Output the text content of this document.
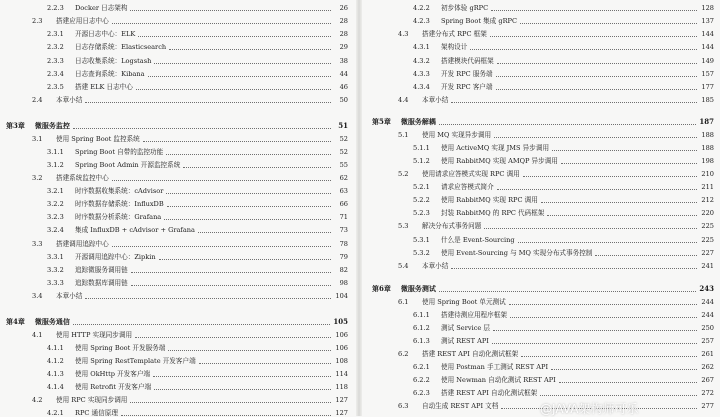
2.2.3 Docker 日志架构	26
2.3	搭建应用日志中心	28
2.3.1 开源日志中心：ELK	28
2.3.2 日志存储系统：Elasticsearch	29
2.3.3 日志收集系统：Logstash	38
2.3.4 日志查询系统：Kibana	44
2.3.5 搭建 ELK 日志中心	46
2.4	本章小结	50
第3章 微服务监控	51
3.1	使用 Spring Boot 监控系统	52
3.1.1 Spring Boot 自带的监控功能	52
3.1.2 Spring Boot Admin 开源监控系统	55
3.2	搭建系统监控中心	62
3.2.1 时序数据收集系统：cAdvisor	63
3.2.2 时序数据存储系统：InfluxDB	66
3.2.3 时序数据分析系统：Grafana	71
3.2.4 集成 InfluxDB + cAdvisor + Grafana	73
3.3	搭建调用追踪中心	78
3.3.1 开源调用追踪中心：Zipkin	79
3.3.2 追踪微服务调用链	82
3.3.3 追踪数据库调用链	98
3.4	本章小结	104
第4章 微服务通信	105
4.1	使用 HTTP 实现同步调用	106
4.1.1 使用 Spring Boot 开发服务端	106
4.1.2 使用 Spring RestTemplate 开发客户端	108
4.1.3 使用 OkHttp 开发客户端	114
4.1.4 使用 Retrofit 开发客户端	118
4.2	使用 RPC 实现同步调用	127
4.2.1 RPC 通信原理	127
4.2.2 初步体验 gRPC	128
4.2.3 Spring Boot 集成 gRPC	137
4.3	搭建分布式 RPC 框架	144
4.3.1 架构设计	144
4.3.2 搭建模块代码框架	149
4.3.3 开发 RPC 服务端	157
4.3.4 开发 RPC 客户端	177
4.4	本章小结	185
第5章 微服务解耦	187
5.1	使用 MQ 实现异步调用	188
5.1.1 使用 ActiveMQ 实现 JMS 异步调用	188
5.1.2 使用 RabbitMQ 实现 AMQP 异步调用	198
5.2	使用请求应答模式实现 RPC 调用	210
5.2.1 请求应答模式简介	211
5.2.2 使用 RabbitMQ 实现 RPC 调用	212
5.2.3 封装 RabbitMQ 的 RPC 代码框架	220
5.3	解决分布式事务问题	225
5.3.1 什么是 Event-Sourcing	225
5.3.2 使用 Event-Sourcing 与 MQ 实现分布式事务控制	227
5.4	本章小结	241
第6章 微服务测试	243
6.1	使用 Spring Boot 单元测试	244
6.1.1 搭建待测应用程序框架	244
6.1.2 测试 Service 层	250
6.1.3 测试 REST API	257
6.2	搭建 REST API 自动化测试框架	261
6.2.1 使用 Postman 手工测试 REST API	262
6.2.2 使用 Newman 自动化测试 REST API	267
6.2.3 搭建 REST API 自动化测试框架	272
6.3	自动生成 REST API 文档	277
@JAVA架构师可乐
